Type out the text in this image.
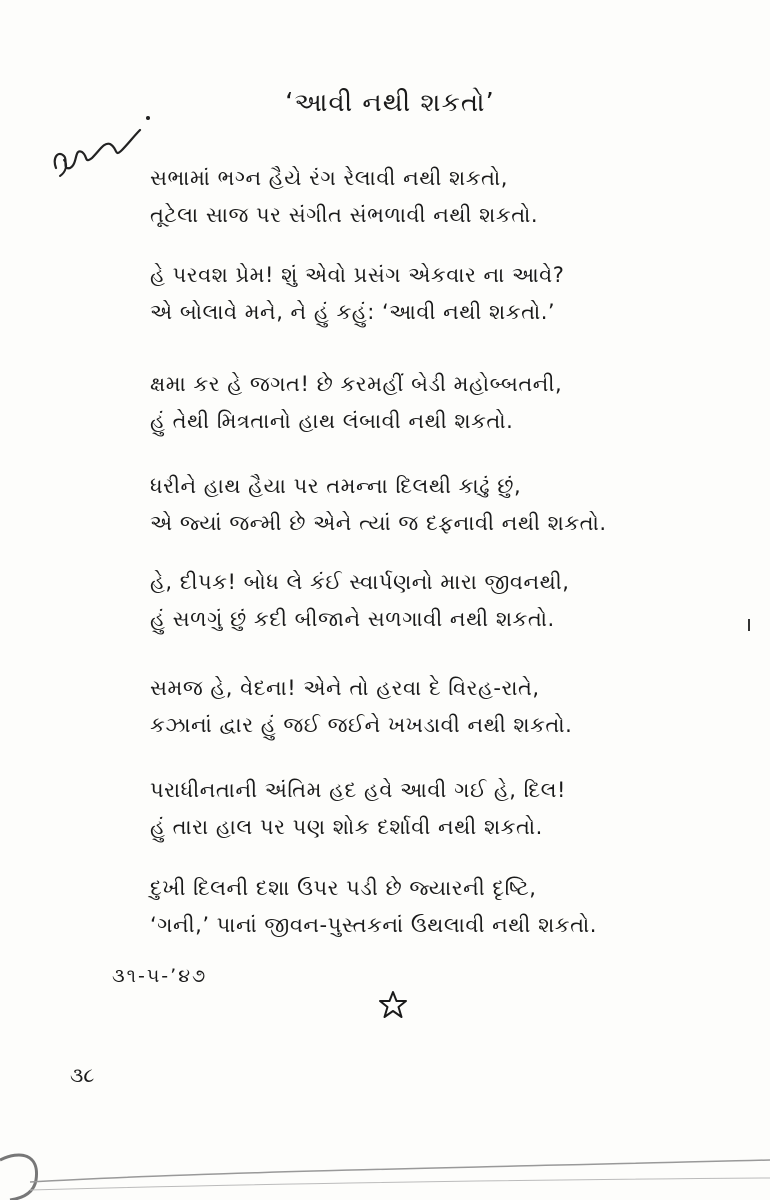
‘આવી નથી શકતો’
સભામાં ભગ્ન હૈયે રંગ રેલાવી નથી શકતો,
તૂટેલા સાજ પર સંગીત સંભળાવી નથી શકતો.
હે પરવશ પ્રેમ! શું એવો પ્રસંગ એકવાર ના આવે?
એ બોલાવે મને, ને હું કહું: ‘આવી નથી શકતો.’
ક્ષમા કર હે જગત! છે કરમહીં બેડી મહોબ્બતની,
હું તેથી મિત્રતાનો હાથ લંબાવી નથી શકતો.
ધરીને હાથ હૈયા પર તમન્ના દિલથી કાઢું છું,
એ જ્યાં જન્મી છે એને ત્યાં જ દફનાવી નથી શકતો.
હે, દીપક! બોધ લે કંઈ સ્વાર્પણનો મારા જીવનથી,
હું સળગું છું કદી બીજાને સળગાવી નથી શકતો.
સમજ હે, વેદના! એને તો હરવા દે વિરહ-રાતે,
કઝાનાં દ્વાર હું જઈ જઈને ખખડાવી નથી શકતો.
પરાધીનતાની અંતિમ હદ હવે આવી ગઈ હે, દિલ!
હું તારા હાલ પર પણ શોક દર્શાવી નથી શકતો.
દુખી દિલની દશા ઉપર પડી છે જ્યારની દૃષ્ટિ,
‘ગની,’ પાનાં જીવન-પુસ્તકનાં ઉથલાવી નથી શકતો.
૩૧-૫-’૪૭
૩૮
